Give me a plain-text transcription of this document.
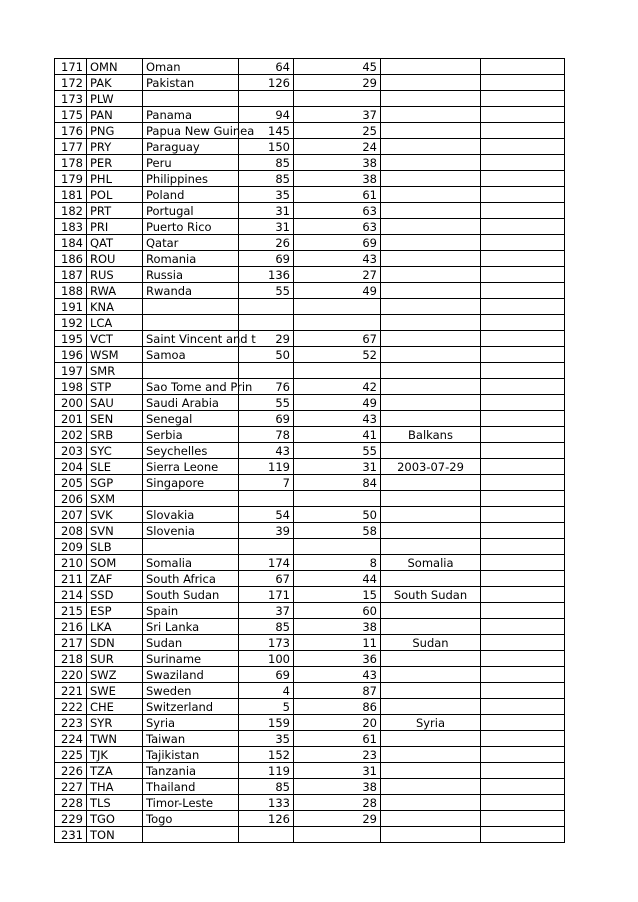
171	OMN	Oman	64	45		
172	PAK	Pakistan	126	29		
173	PLW					
175	PAN	Panama	94	37		
176	PNG	Papua New Guinea	145	25		
177	PRY	Paraguay	150	24		
178	PER	Peru	85	38		
179	PHL	Philippines	85	38		
181	POL	Poland	35	61		
182	PRT	Portugal	31	63		
183	PRI	Puerto Rico	31	63		
184	QAT	Qatar	26	69		
186	ROU	Romania	69	43		
187	RUS	Russia	136	27		
188	RWA	Rwanda	55	49		
191	KNA					
192	LCA					
195	VCT	Saint Vincent and t	29	67		
196	WSM	Samoa	50	52		
197	SMR					
198	STP	Sao Tome and Prin	76	42		
200	SAU	Saudi Arabia	55	49		
201	SEN	Senegal	69	43		
202	SRB	Serbia	78	41	Balkans	
203	SYC	Seychelles	43	55		
204	SLE	Sierra Leone	119	31	2003-07-29	
205	SGP	Singapore	7	84		
206	SXM					
207	SVK	Slovakia	54	50		
208	SVN	Slovenia	39	58		
209	SLB					
210	SOM	Somalia	174	8	Somalia	
211	ZAF	South Africa	67	44		
214	SSD	South Sudan	171	15	South Sudan	
215	ESP	Spain	37	60		
216	LKA	Sri Lanka	85	38		
217	SDN	Sudan	173	11	Sudan	
218	SUR	Suriname	100	36		
220	SWZ	Swaziland	69	43		
221	SWE	Sweden	4	87		
222	CHE	Switzerland	5	86		
223	SYR	Syria	159	20	Syria	
224	TWN	Taiwan	35	61		
225	TJK	Tajikistan	152	23		
226	TZA	Tanzania	119	31		
227	THA	Thailand	85	38		
228	TLS	Timor-Leste	133	28		
229	TGO	Togo	126	29		
231	TON					
